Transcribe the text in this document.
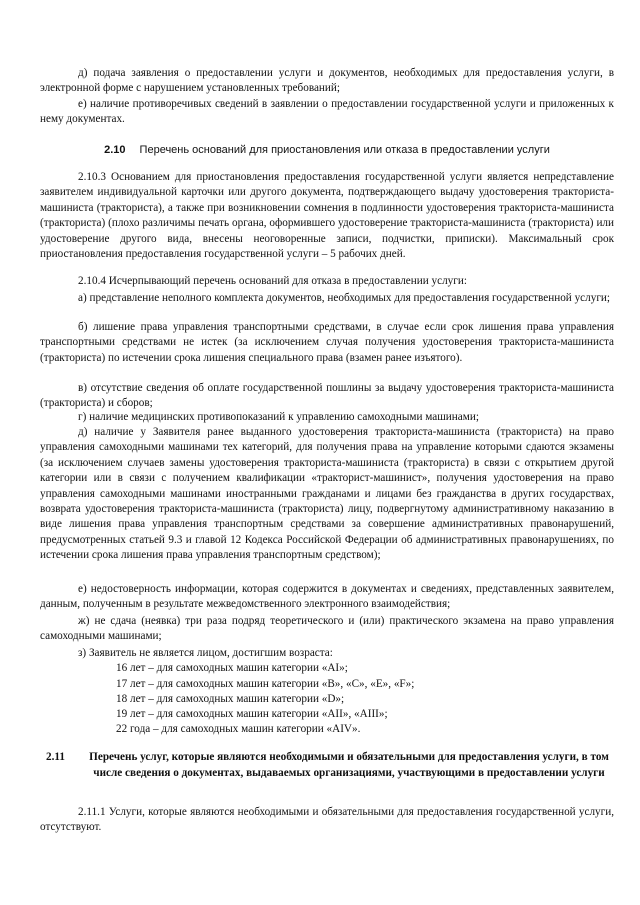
д) подача заявления о предоставлении услуги и документов, необходимых для предоставления услуги, в электронной форме с нарушением установленных требований;

е) наличие противоречивых сведений в заявлении о предоставлении государственной услуги и приложенных к нему документах.

2.10 Перечень оснований для приостановления или отказа в предоставлении услуги

2.10.3 Основанием для приостановления предоставления государственной услуги является непредставление заявителем индивидуальной карточки или другого документа, подтверждающего выдачу удостоверения тракториста-машиниста (тракториста), а также при возникновении сомнения в подлинности удостоверения тракториста-машиниста (тракториста) (плохо различимы печать органа, оформившего удостоверение тракториста-машиниста (тракториста) или удостоверение другого вида, внесены неоговоренные записи, подчистки, приписки). Максимальный срок приостановления предоставления государственной услуги – 5 рабочих дней.

2.10.4 Исчерпывающий перечень оснований для отказа в предоставлении услуги:

а) представление неполного комплекта документов, необходимых для предоставления государственной услуги;

б) лишение права управления транспортными средствами, в случае если срок лишения права управления транспортными средствами не истек (за исключением случая получения удостоверения тракториста-машиниста (тракториста) по истечении срока лишения специального права (взамен ранее изъятого).

в) отсутствие сведения об оплате государственной пошлины за выдачу удостоверения тракториста-машиниста (тракториста) и сборов;

г) наличие медицинских противопоказаний к управлению самоходными машинами;

д) наличие у Заявителя ранее выданного удостоверения тракториста-машиниста (тракториста) на право управления самоходными машинами тех категорий, для получения права на управление которыми сдаются экзамены (за исключением случаев замены удостоверения тракториста-машиниста (тракториста) в связи с открытием другой категории или в связи с получением квалификации «тракторист-машинист», получения удостоверения на право управления самоходными машинами иностранными гражданами и лицами без гражданства в других государствах, возврата удостоверения тракториста-машиниста (тракториста) лицу, подвергнутому административному наказанию в виде лишения права управления транспортным средствами за совершение административных правонарушений, предусмотренных статьей 9.3 и главой 12 Кодекса Российской Федерации об административных правонарушениях, по истечении срока лишения права управления транспортным средством);

е) недостоверность информации, которая содержится в документах и сведениях, представленных заявителем, данным, полученным в результате межведомственного электронного взаимодействия;

ж) не сдача (неявка) три раза подряд теоретического и (или) практического экзамена на право управления самоходными машинами;

з) Заявитель не является лицом, достигшим возраста:

16 лет – для самоходных машин категории «AI»;

17 лет – для самоходных машин категории «B», «C», «E», «F»;

18 лет – для самоходных машин категории «D»;

19 лет – для самоходных машин категории «AII», «AIII»;

22 года – для самоходных машин категории «AIV».

2.11	Перечень услуг, которые являются необходимыми и обязательными для предоставления услуги, в том числе сведения о документах, выдаваемых организациями, участвующими в предоставлении услуги

2.11.1 Услуги, которые являются необходимыми и обязательными для предоставления государственной услуги, отсутствуют.
